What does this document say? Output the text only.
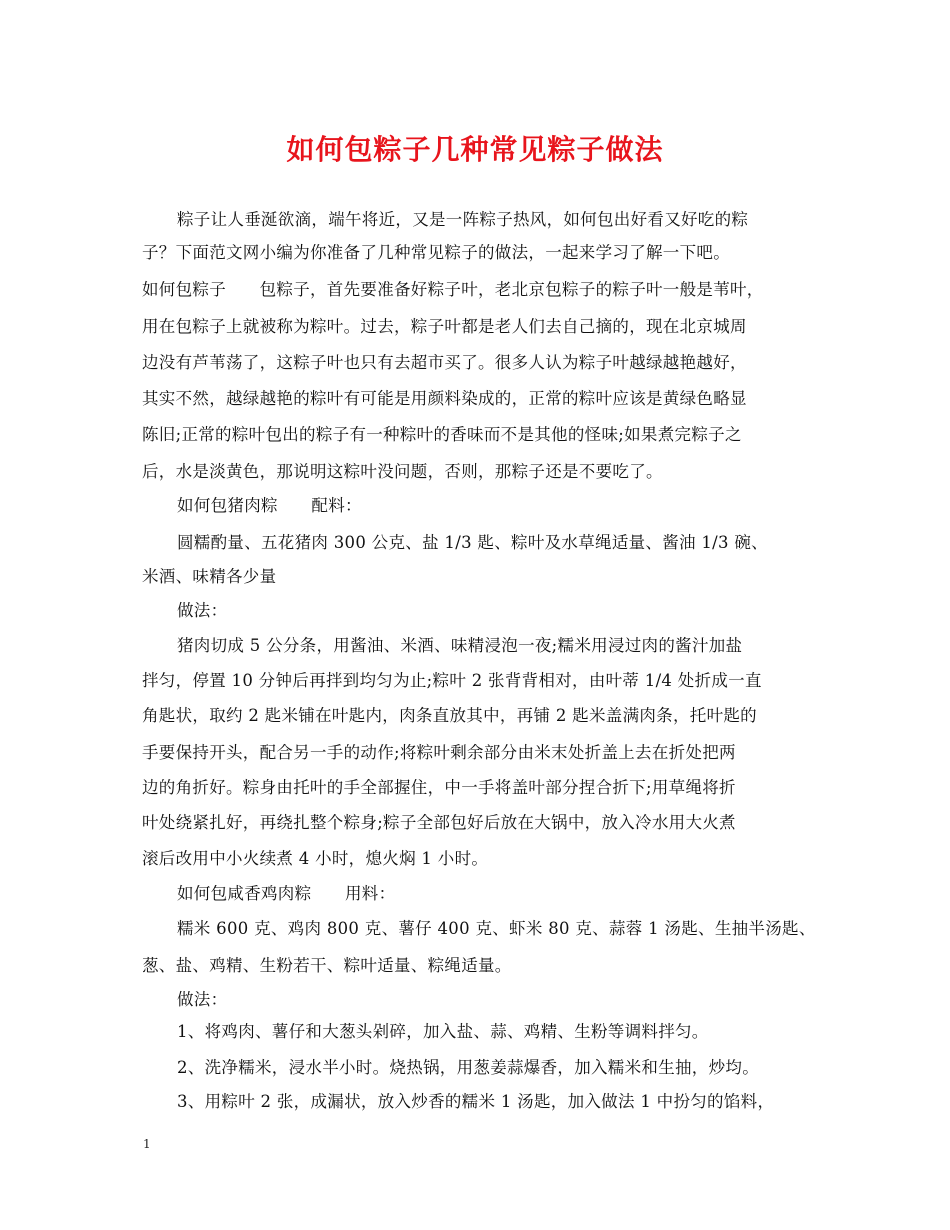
如何包粽子几种常见粽子做法
粽子让人垂涎欲滴，端午将近，又是一阵粽子热风，如何包出好看又好吃的粽
子？下面范文网小编为你准备了几种常见粽子的做法，一起来学习了解一下吧。
如何包粽子　　包粽子，首先要准备好粽子叶，老北京包粽子的粽子叶一般是苇叶，
用在包粽子上就被称为粽叶。过去，粽子叶都是老人们去自己摘的，现在北京城周
边没有芦苇荡了，这粽子叶也只有去超市买了。很多人认为粽子叶越绿越艳越好，
其实不然，越绿越艳的粽叶有可能是用颜料染成的，正常的粽叶应该是黄绿色略显
陈旧;正常的粽叶包出的粽子有一种粽叶的香味而不是其他的怪味;如果煮完粽子之
后，水是淡黄色，那说明这粽叶没问题，否则，那粽子还是不要吃了。
如何包猪肉粽　　配料：
圆糯酌量、五花猪肉 300 公克、盐 1/3 匙、粽叶及水草绳适量、酱油 1/3 碗、
米酒、味精各少量
做法：
猪肉切成 5 公分条，用酱油、米酒、味精浸泡一夜;糯米用浸过肉的酱汁加盐
拌匀，停置 10 分钟后再拌到均匀为止;粽叶 2 张背背相对，由叶蒂 1/4 处折成一直
角匙状，取约 2 匙米铺在叶匙内，肉条直放其中，再铺 2 匙米盖满肉条，托叶匙的
手要保持开头，配合另一手的动作;将粽叶剩余部分由米末处折盖上去在折处把两
边的角折好。粽身由托叶的手全部握住，中一手将盖叶部分捏合折下;用草绳将折
叶处绕紧扎好，再绕扎整个粽身;粽子全部包好后放在大锅中，放入冷水用大火煮
滚后改用中小火续煮 4 小时，熄火焖 1 小时。
如何包咸香鸡肉粽　　用料：
糯米 600 克、鸡肉 800 克、薯仔 400 克、虾米 80 克、蒜蓉 1 汤匙、生抽半汤匙、
葱、盐、鸡精、生粉若干、粽叶适量、粽绳适量。
做法：
1、将鸡肉、薯仔和大葱头剁碎，加入盐、蒜、鸡精、生粉等调料拌匀。
2、洗净糯米，浸水半小时。烧热锅，用葱姜蒜爆香，加入糯米和生抽，炒均。
3、用粽叶 2 张，成漏状，放入炒香的糯米 1 汤匙，加入做法 1 中扮匀的馅料，
1
